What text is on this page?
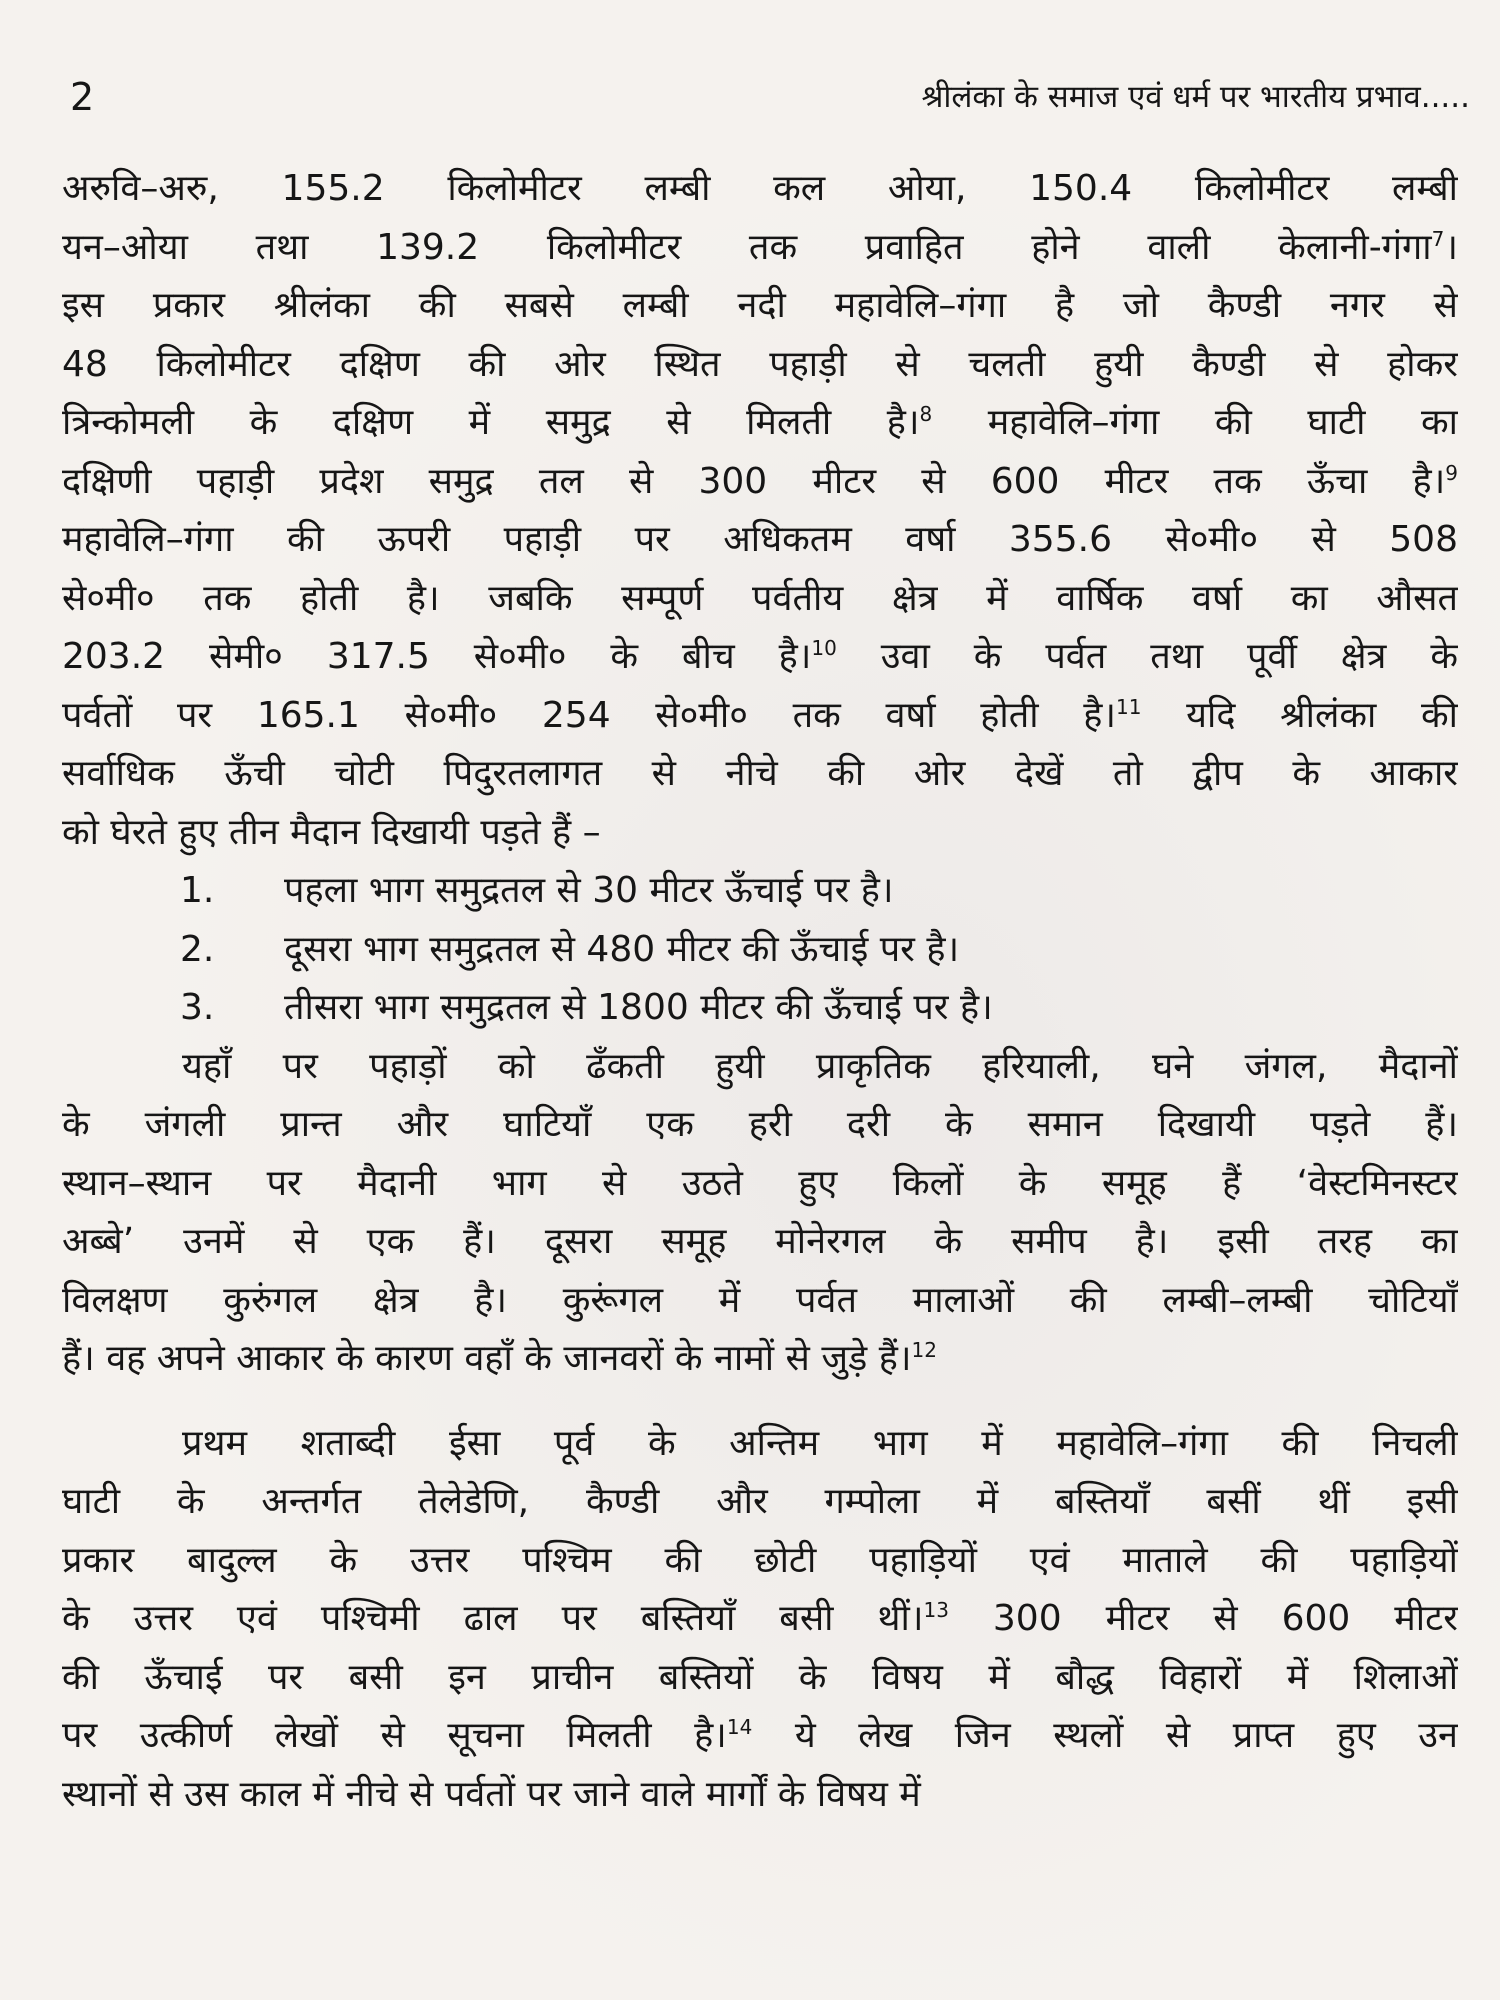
2	श्रीलंका के समाज एवं धर्म पर भारतीय प्रभाव.....
अरुवि–अरु, 155.2 किलोमीटर लम्बी कल ओया, 150.4 किलोमीटर लम्बी
यन–ओया तथा 139.2 किलोमीटर तक प्रवाहित होने वाली केलानी-गंगा$^7$।
इस प्रकार श्रीलंका की सबसे लम्बी नदी महावेलि–गंगा है जो कैण्डी नगर से
48 किलोमीटर दक्षिण की ओर स्थित पहाड़ी से चलती हुयी कैण्डी से होकर
त्रिन्कोमली के दक्षिण में समुद्र से मिलती है।$^8$ महावेलि–गंगा की घाटी का
दक्षिणी पहाड़ी प्रदेश समुद्र तल से 300 मीटर से 600 मीटर तक ऊँचा है।$^9$
महावेलि–गंगा की ऊपरी पहाड़ी पर अधिकतम वर्षा 355.6 से०मी० से 508
से०मी० तक होती है। जबकि सम्पूर्ण पर्वतीय क्षेत्र में वार्षिक वर्षा का औसत
203.2 सेमी० 317.5 से०मी० के बीच है।$^{10}$ उवा के पर्वत तथा पूर्वी क्षेत्र के
पर्वतों पर 165.1 से०मी० 254 से०मी० तक वर्षा होती है।$^{11}$ यदि श्रीलंका की
सर्वाधिक ऊँची चोटी पिदुरतलागत से नीचे की ओर देखें तो द्वीप के आकार
को घेरते हुए तीन मैदान दिखायी पड़ते हैं –
1. पहला भाग समुद्रतल से 30 मीटर ऊँचाई पर है।
2. दूसरा भाग समुद्रतल से 480 मीटर की ऊँचाई पर है।
3. तीसरा भाग समुद्रतल से 1800 मीटर की ऊँचाई पर है।
यहाँ पर पहाड़ों को ढँकती हुयी प्राकृतिक हरियाली, घने जंगल, मैदानों
के जंगली प्रान्त और घाटियाँ एक हरी दरी के समान दिखायी पड़ते हैं।
स्थान–स्थान पर मैदानी भाग से उठते हुए किलों के समूह हैं ‘वेस्टमिनस्टर
अब्बे’ उनमें से एक हैं। दूसरा समूह मोनेरगल के समीप है। इसी तरह का
विलक्षण कुरुंगल क्षेत्र है। कुरूंगल में पर्वत मालाओं की लम्बी–लम्बी चोटियाँ
हैं। वह अपने आकार के कारण वहाँ के जानवरों के नामों से जुड़े हैं।$^{12}$
प्रथम शताब्दी ईसा पूर्व के अन्तिम भाग में महावेलि–गंगा की निचली
घाटी के अन्तर्गत तेलेडेणि, कैण्डी और गम्पोला में बस्तियाँ बसीं थीं इसी
प्रकार बादुल्ल के उत्तर पश्चिम की छोटी पहाड़ियों एवं माताले की पहाड़ियों
के उत्तर एवं पश्चिमी ढाल पर बस्तियाँ बसी थीं।$^{13}$ 300 मीटर से 600 मीटर
की ऊँचाई पर बसी इन प्राचीन बस्तियों के विषय में बौद्ध विहारों में शिलाओं
पर उत्कीर्ण लेखों से सूचना मिलती है।$^{14}$ ये लेख जिन स्थलों से प्राप्त हुए उन
स्थानों से उस काल में नीचे से पर्वतों पर जाने वाले मार्गों के विषय में
